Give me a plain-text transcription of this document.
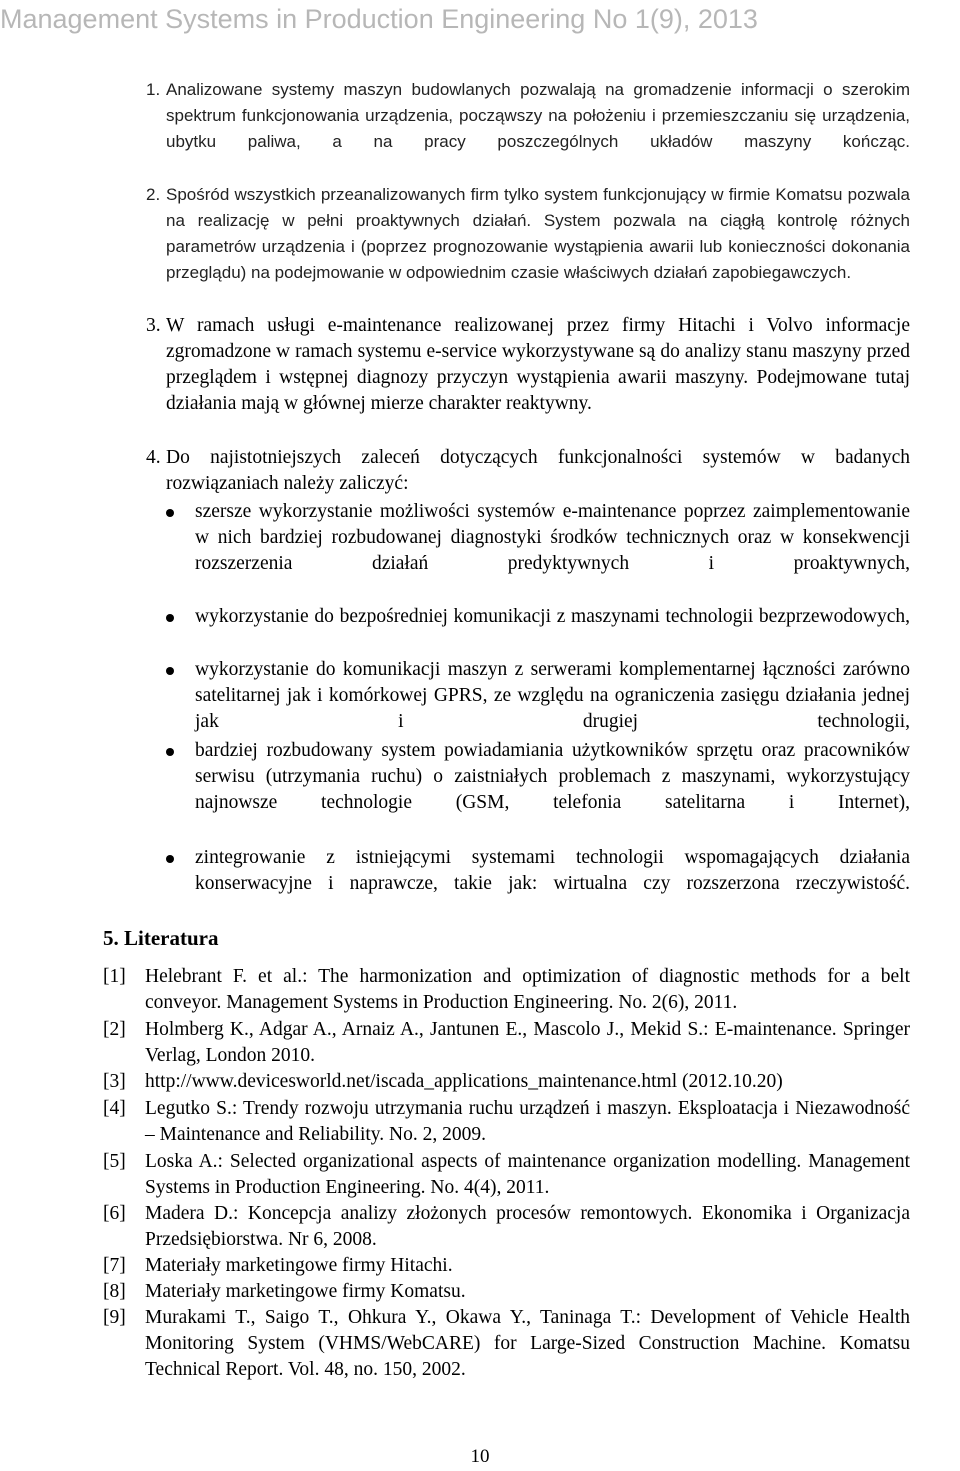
Management Systems in Production Engineering No 1(9), 2013
1. Analizowane systemy maszyn budowlanych pozwalają na gromadzenie informacji o szerokim spektrum funkcjonowania urządzenia, począwszy na położeniu i przemieszczaniu się urządzenia, ubytku paliwa, a na pracy poszczególnych układów maszyny kończąc.
2. Spośród wszystkich przeanalizowanych firm tylko system funkcjonujący w firmie Komatsu pozwala na realizację w pełni proaktywnych działań. System pozwala na ciągłą kontrolę różnych parametrów urządzenia i (poprzez prognozowanie wystąpienia awarii lub konieczności dokonania przeglądu) na podejmowanie w odpowiednim czasie właściwych działań zapobiegawczych.
3. W ramach usługi e-maintenance realizowanej przez firmy Hitachi i Volvo informacje zgromadzone w ramach systemu e-service wykorzystywane są do analizy stanu maszyny przed przeglądem i wstępnej diagnozy przyczyn wystąpienia awarii maszyny. Podejmowane tutaj działania mają w głównej mierze charakter reaktywny.
4. Do najistotniejszych zaleceń dotyczących funkcjonalności systemów w badanych rozwiązaniach należy zaliczyć:
szersze wykorzystanie możliwości systemów e-maintenance poprzez zaimplementowanie w nich bardziej rozbudowanej diagnostyki środków technicznych oraz w konsekwencji rozszerzenia działań predyktywnych i proaktywnych,
wykorzystanie do bezpośredniej komunikacji z maszynami technologii bezprzewodowych,
wykorzystanie do komunikacji maszyn z serwerami komplementarnej łączności zarówno satelitarnej jak i komórkowej GPRS, ze względu na ograniczenia zasięgu działania jednej jak i drugiej technologii,
bardziej rozbudowany system powiadamiania użytkowników sprzętu oraz pracowników serwisu (utrzymania ruchu) o zaistniałych problemach z maszynami, wykorzystujący najnowsze technologie (GSM, telefonia satelitarna i Internet),
zintegrowanie z istniejącymi systemami technologii wspomagających działania konserwacyjne i naprawcze, takie jak: wirtualna czy rozszerzona rzeczywistość.
5. Literatura
[1] Helebrant F. et al.: The harmonization and optimization of diagnostic methods for a belt conveyor. Management Systems in Production Engineering. No. 2(6), 2011.
[2] Holmberg K., Adgar A., Arnaiz A., Jantunen E., Mascolo J., Mekid S.: E-maintenance. Springer Verlag, London 2010.
[3] http://www.devicesworld.net/iscada_applications_maintenance.html (2012.10.20)
[4] Legutko S.: Trendy rozwoju utrzymania ruchu urządzeń i maszyn. Eksploatacja i Niezawodność – Maintenance and Reliability. No. 2, 2009.
[5] Loska A.: Selected organizational aspects of maintenance organization modelling. Management Systems in Production Engineering. No. 4(4), 2011.
[6] Madera D.: Koncepcja analizy złożonych procesów remontowych. Ekonomika i Organizacja Przedsiębiorstwa. Nr 6, 2008.
[7] Materiały marketingowe firmy Hitachi.
[8] Materiały marketingowe firmy Komatsu.
[9] Murakami T., Saigo T., Ohkura Y., Okawa Y., Taninaga T.: Development of Vehicle Health Monitoring System (VHMS/WebCARE) for Large-Sized Construction Machine. Komatsu Technical Report. Vol. 48, no. 150, 2002.
10
